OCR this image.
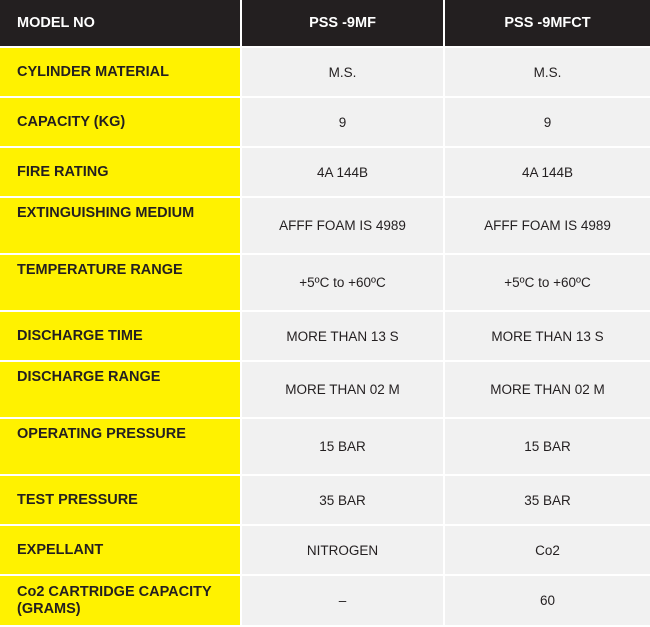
MODEL NO	PSS -9MF	PSS -9MFCT
CYLINDER MATERIAL	M.S.	M.S.
CAPACITY (KG)	9	9
FIRE RATING	4A 144B	4A 144B
EXTINGUISHING MEDIUM	AFFF FOAM IS 4989	AFFF FOAM IS 4989
TEMPERATURE RANGE	+5ºC to +60ºC	+5ºC to +60ºC
DISCHARGE TIME	MORE THAN 13 S	MORE THAN 13 S
DISCHARGE RANGE	MORE THAN 02 M	MORE THAN 02 M
OPERATING PRESSURE	15 BAR	15 BAR
TEST PRESSURE	35 BAR	35 BAR
EXPELLANT	NITROGEN	Co2
Co2 CARTRIDGE CAPACITY (GRAMS)	–	60
